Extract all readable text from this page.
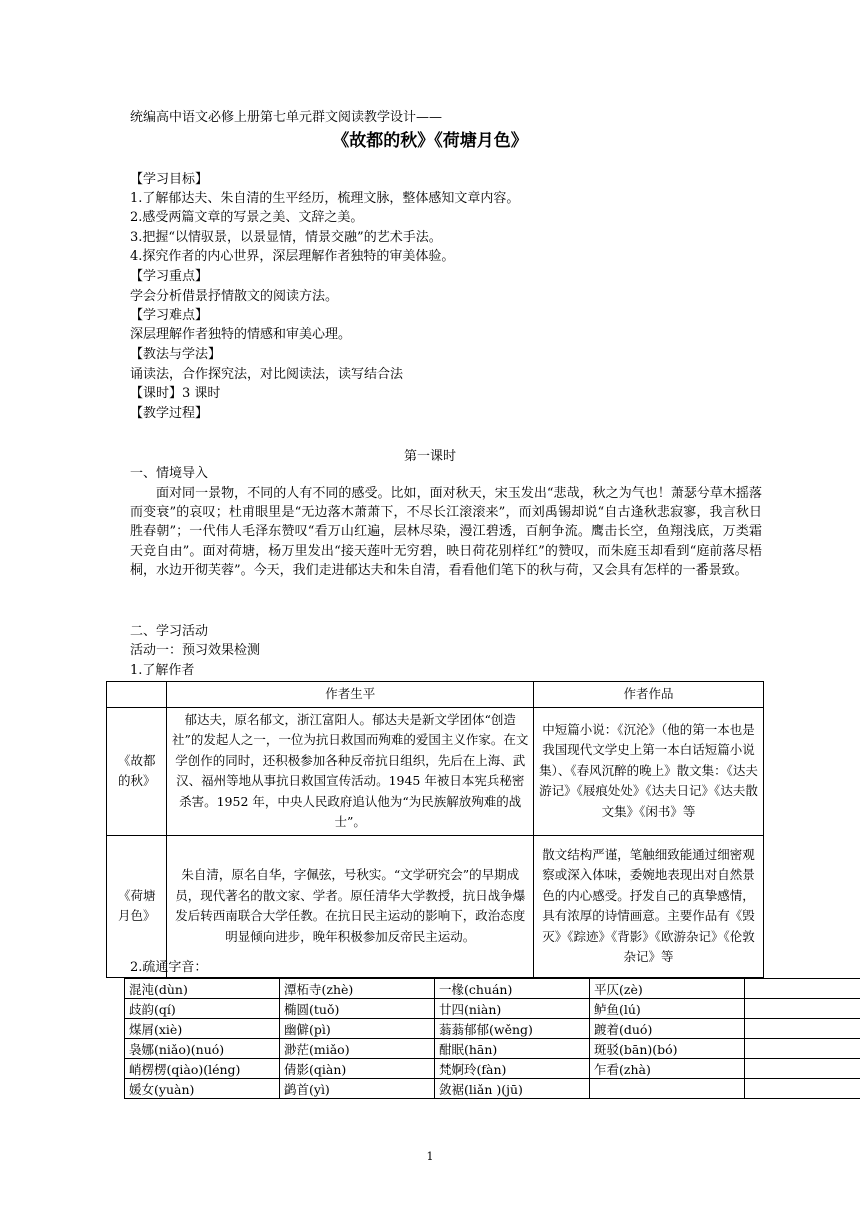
统编高中语文必修上册第七单元群文阅读教学设计——
《故都的秋》《荷塘月色》
【学习目标】
1.了解郁达夫、朱自清的生平经历，梳理文脉，整体感知文章内容。
2.感受两篇文章的写景之美、文辞之美。
3.把握“以情驭景，以景显情，情景交融”的艺术手法。
4.探究作者的内心世界，深层理解作者独特的审美体验。
【学习重点】
学会分析借景抒情散文的阅读方法。
【学习难点】
深层理解作者独特的情感和审美心理。
【教法与学法】
诵读法，合作探究法，对比阅读法，读写结合法
【课时】3 课时
【教学过程】
第一课时
一、情境导入
面对同一景物，不同的人有不同的感受。比如，面对秋天，宋玉发出“悲哉，秋之为气也！萧瑟兮草木摇落而变衰”的哀叹；杜甫眼里是“无边落木萧萧下，不尽长江滚滚来”，而刘禹锡却说“自古逢秋悲寂寥，我言秋日胜春朝”；一代伟人毛泽东赞叹“看万山红遍，层林尽染，漫江碧透，百舸争流。鹰击长空，鱼翔浅底，万类霜天竞自由”。面对荷塘，杨万里发出“接天莲叶无穷碧，映日荷花别样红”的赞叹，而朱庭玉却看到“庭前落尽梧桐，水边开彻芙蓉”。今天，我们走进郁达夫和朱自清，看看他们笔下的秋与荷，又会具有怎样的一番景致。
二、学习活动
活动一：预习效果检测
1.了解作者
	作者生平	作者作品
《故都的秋》	郁达夫，原名郁文，浙江富阳人。郁达夫是新文学团体“创造社”的发起人之一，一位为抗日救国而殉难的爱国主义作家。在文学创作的同时，还积极参加各种反帝抗日组织，先后在上海、武汉、福州等地从事抗日救国宣传活动。1945 年被日本宪兵秘密杀害。1952 年，中央人民政府追认他为“为民族解放殉难的战士”。	中短篇小说：《沉沦》（他的第一本也是我国现代文学史上第一本白话短篇小说集）、《春风沉醉的晚上》散文集：《达夫游记》《屐痕处处》《达夫日记》《达夫散文集》《闲书》等
《荷塘月色》	朱自清，原名自华，字佩弦，号秋实。“文学研究会”的早期成员，现代著名的散文家、学者。原任清华大学教授，抗日战争爆发后转西南联合大学任教。在抗日民主运动的影响下，政治态度明显倾向进步，晚年积极参加反帝民主运动。	散文结构严谨，笔触细致能通过细密观察或深入体味，委婉地表现出对自然景色的内心感受。抒发自己的真挚感情，具有浓厚的诗情画意。主要作品有《毁灭》《踪迹》《背影》《欧游杂记》《伦敦杂记》等
2.疏通字音：
混沌(dùn)	潭柘寺(zhè)	一椽(chuán)	平仄(zè)	
歧韵(qí)	椭圆(tuǒ)	廿四(niàn)	鲈鱼(lú)	
煤屑(xiè)	幽僻(pì)	蓊蓊郁郁(wěng)	踱着(duó)	
袅娜(niǎo)(nuó)	渺茫(miǎo)	酣眠(hān)	斑驳(bān)(bó)	
峭楞楞(qiào)(léng)	倩影(qiàn)	梵婀玲(fàn)	乍看(zhà)	
媛女(yuàn)	鹢首(yì)	敛裾(liǎn )(jū)		
1
